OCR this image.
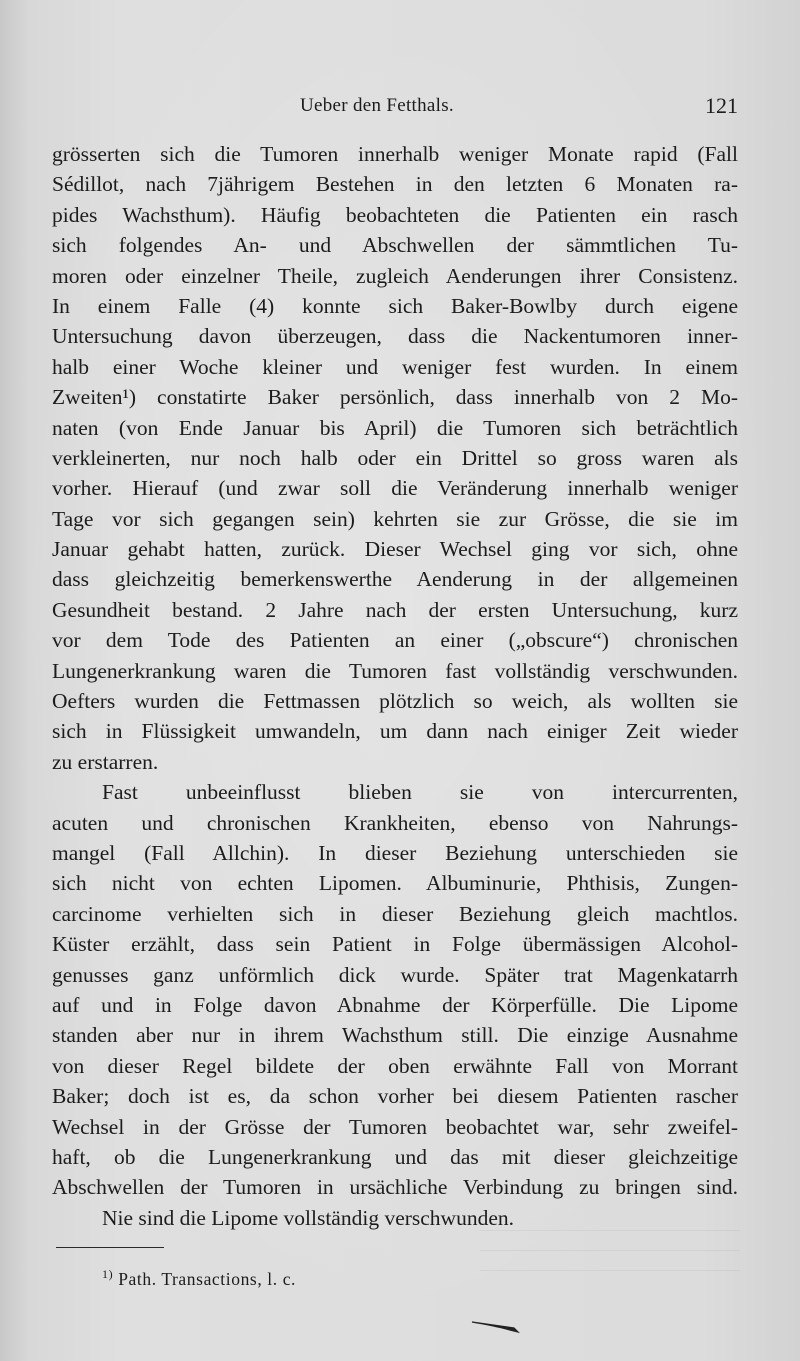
Ueber den Fetthals.	121
grösserten sich die Tumoren innerhalb weniger Monate rapid (Fall
Sédillot, nach 7jährigem Bestehen in den letzten 6 Monaten ra-
pides Wachsthum). Häufig beobachteten die Patienten ein rasch
sich folgendes An- und Abschwellen der sämmtlichen Tu-
moren oder einzelner Theile, zugleich Aenderungen ihrer Consistenz.
In einem Falle (4) konnte sich Baker-Bowlby durch eigene
Untersuchung davon überzeugen, dass die Nackentumoren inner-
halb einer Woche kleiner und weniger fest wurden. In einem
Zweiten¹) constatirte Baker persönlich, dass innerhalb von 2 Mo-
naten (von Ende Januar bis April) die Tumoren sich beträchtlich
verkleinerten, nur noch halb oder ein Drittel so gross waren als
vorher. Hierauf (und zwar soll die Veränderung innerhalb weniger
Tage vor sich gegangen sein) kehrten sie zur Grösse, die sie im
Januar gehabt hatten, zurück. Dieser Wechsel ging vor sich, ohne
dass gleichzeitig bemerkenswerthe Aenderung in der allgemeinen
Gesundheit bestand. 2 Jahre nach der ersten Untersuchung, kurz
vor dem Tode des Patienten an einer („obscure“) chronischen
Lungenerkrankung waren die Tumoren fast vollständig verschwunden.
Oefters wurden die Fettmassen plötzlich so weich, als wollten sie
sich in Flüssigkeit umwandeln, um dann nach einiger Zeit wieder
zu erstarren.
Fast unbeeinflusst blieben sie von intercurrenten,
acuten und chronischen Krankheiten, ebenso von Nahrungs-
mangel (Fall Allchin). In dieser Beziehung unterschieden sie
sich nicht von echten Lipomen. Albuminurie, Phthisis, Zungen-
carcinome verhielten sich in dieser Beziehung gleich machtlos.
Küster erzählt, dass sein Patient in Folge übermässigen Alcohol-
genusses ganz unförmlich dick wurde. Später trat Magenkatarrh
auf und in Folge davon Abnahme der Körperfülle. Die Lipome
standen aber nur in ihrem Wachsthum still. Die einzige Ausnahme
von dieser Regel bildete der oben erwähnte Fall von Morrant
Baker; doch ist es, da schon vorher bei diesem Patienten rascher
Wechsel in der Grösse der Tumoren beobachtet war, sehr zweifel-
haft, ob die Lungenerkrankung und das mit dieser gleichzeitige
Abschwellen der Tumoren in ursächliche Verbindung zu bringen sind.
Nie sind die Lipome vollständig verschwunden.
$^{1)}$ Path. Transactions, l. c.
